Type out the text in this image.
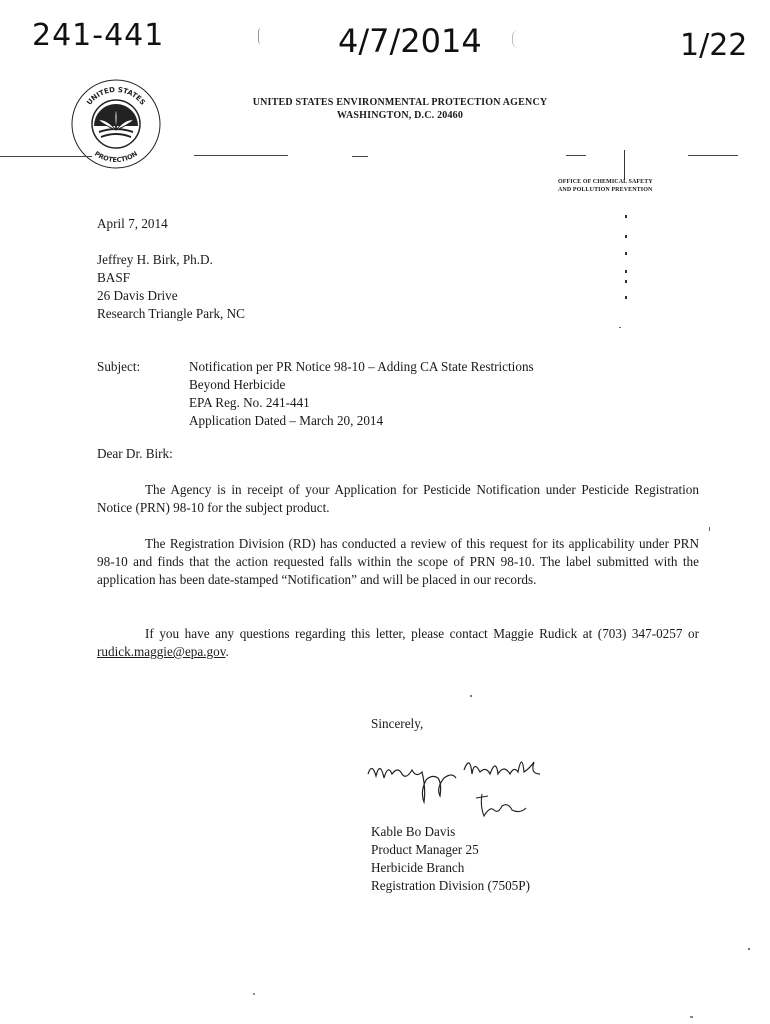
241-441	4/7/2014	1/22
UNITED STATES
PROTECTION
UNITED STATES ENVIRONMENTAL PROTECTION AGENCY
WASHINGTON, D.C. 20460
OFFICE OF CHEMICAL SAFETY
AND POLLUTION PREVENTION
April 7, 2014
Jeffrey H. Birk, Ph.D.
BASF
26 Davis Drive
Research Triangle Park, NC
Subject:	Notification per PR Notice 98-10 – Adding CA State Restrictions
Beyond Herbicide
EPA Reg. No. 241-441
Application Dated – March 20, 2014
Dear Dr. Birk:
The Agency is in receipt of your Application for Pesticide Notification under Pesticide Registration Notice (PRN) 98-10 for the subject product.
The Registration Division (RD) has conducted a review of this request for its applicability under PRN 98-10 and finds that the action requested falls within the scope of PRN 98-10. The label submitted with the application has been date-stamped “Notification” and will be placed in our records.
If you have any questions regarding this letter, please contact Maggie Rudick at (703) 347-0257 or rudick.maggie@epa.gov.
Sincerely,
Kable Bo Davis
Product Manager 25
Herbicide Branch
Registration Division (7505P)
